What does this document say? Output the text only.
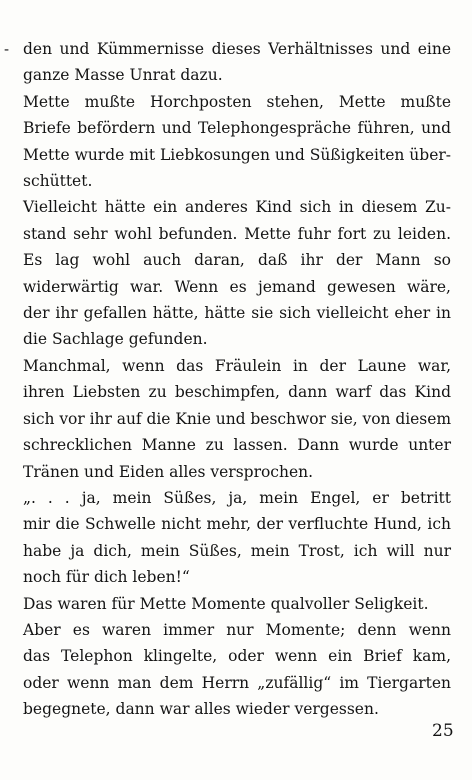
- den und Kümmernisse dieses Verhältnisses und eine
ganze Masse Unrat dazu.
Mette mußte Horchposten stehen, Mette mußte
Briefe befördern und Telephongespräche führen, und
Mette wurde mit Liebkosungen und Süßigkeiten über-
schüttet.
Vielleicht hätte ein anderes Kind sich in diesem Zu-
stand sehr wohl befunden. Mette fuhr fort zu leiden.
Es lag wohl auch daran, daß ihr der Mann so
widerwärtig war. Wenn es jemand gewesen wäre,
der ihr gefallen hätte, hätte sie sich vielleicht eher in
die Sachlage gefunden.
Manchmal, wenn das Fräulein in der Laune war,
ihren Liebsten zu beschimpfen, dann warf das Kind
sich vor ihr auf die Knie und beschwor sie, von diesem
schrecklichen Manne zu lassen. Dann wurde unter
Tränen und Eiden alles versprochen.
„. . . ja, mein Süßes, ja, mein Engel, er betritt
mir die Schwelle nicht mehr, der verfluchte Hund, ich
habe ja dich, mein Süßes, mein Trost, ich will nur
noch für dich leben!“
Das waren für Mette Momente qualvoller Seligkeit.
Aber es waren immer nur Momente; denn wenn
das Telephon klingelte, oder wenn ein Brief kam,
oder wenn man dem Herrn „zufällig“ im Tiergarten
begegnete, dann war alles wieder vergessen.
25
